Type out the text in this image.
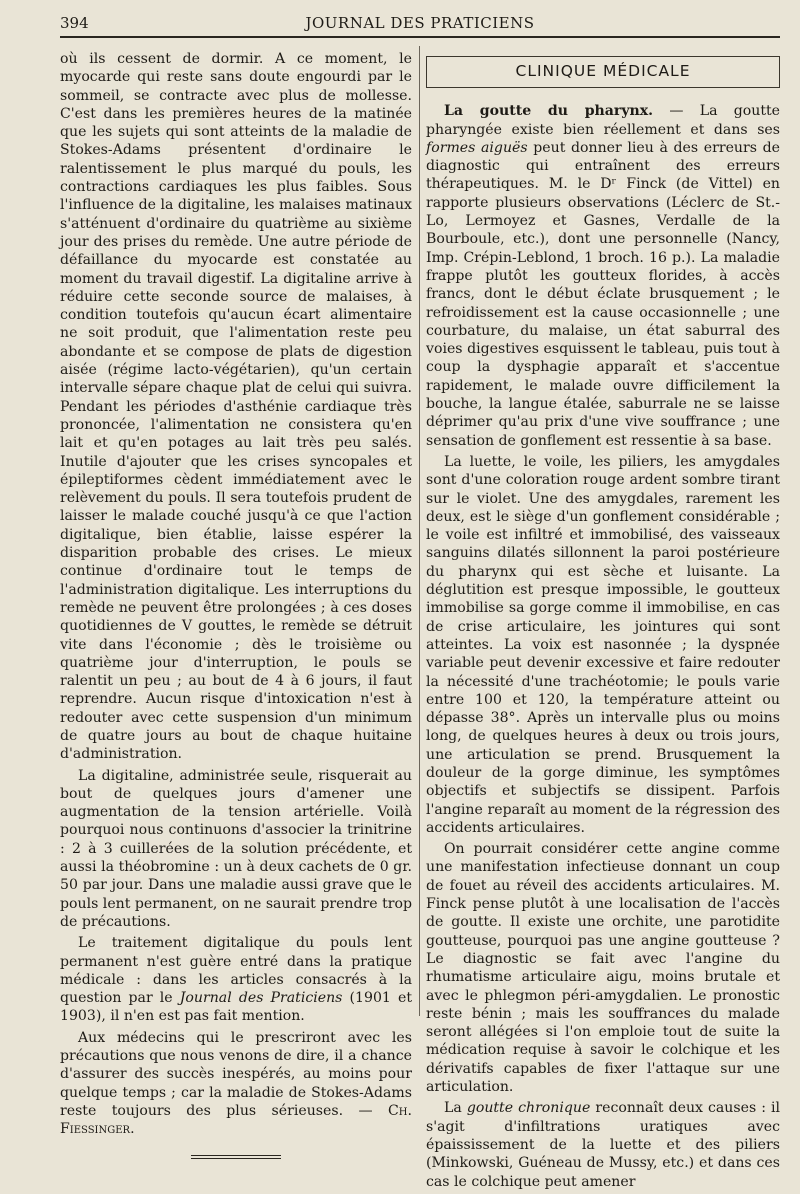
394	JOURNAL DES PRATICIENS

où ils cessent de dormir. A ce moment, le myocarde qui reste sans doute engourdi par le sommeil, se contracte avec plus de mollesse. C'est dans les premières heures de la matinée que les sujets qui sont atteints de la maladie de Stokes-Adams présentent d'ordinaire le ralentissement le plus marqué du pouls, les contractions cardiaques les plus faibles. Sous l'influence de la digitaline, les malaises matinaux s'atténuent d'ordinaire du quatrième au sixième jour des prises du remède. Une autre période de défaillance du myocarde est constatée au moment du travail digestif. La digitaline arrive à réduire cette seconde source de malaises, à condition toutefois qu'aucun écart alimentaire ne soit produit, que l'alimentation reste peu abondante et se compose de plats de digestion aisée (régime lacto-végétarien), qu'un certain intervalle sépare chaque plat de celui qui suivra. Pendant les périodes d'asthénie cardiaque très prononcée, l'alimentation ne consistera qu'en lait et qu'en potages au lait très peu salés. Inutile d'ajouter que les crises syncopales et épileptiformes cèdent immédiatement avec le relèvement du pouls. Il sera toutefois prudent de laisser le malade couché jusqu'à ce que l'action digitalique, bien établie, laisse espérer la disparition probable des crises. Le mieux continue d'ordinaire tout le temps de l'administration digitalique. Les interruptions du remède ne peuvent être prolongées ; à ces doses quotidiennes de V gouttes, le remède se détruit vite dans l'économie ; dès le troisième ou quatrième jour d'interruption, le pouls se ralentit un peu ; au bout de 4 à 6 jours, il faut reprendre. Aucun risque d'intoxication n'est à redouter avec cette suspension d'un minimum de quatre jours au bout de chaque huitaine d'administration.

La digitaline, administrée seule, risquerait au bout de quelques jours d'amener une augmentation de la tension artérielle. Voilà pourquoi nous continuons d'associer la trinitrine : 2 à 3 cuillerées de la solution précédente, et aussi la théobromine : un à deux cachets de 0 gr. 50 par jour. Dans une maladie aussi grave que le pouls lent permanent, on ne saurait prendre trop de précautions.

Le traitement digitalique du pouls lent permanent n'est guère entré dans la pratique médicale : dans les articles consacrés à la question par le Journal des Praticiens (1901 et 1903), il n'en est pas fait mention.

Aux médecins qui le prescriront avec les précautions que nous venons de dire, il a chance d'assurer des succès inespérés, au moins pour quelque temps ; car la maladie de Stokes-Adams reste toujours des plus sérieuses. — Ch. Fiessinger.

CLINIQUE MÉDICALE

La goutte du pharynx. — La goutte pharyngée existe bien réellement et dans ses formes aiguës peut donner lieu à des erreurs de diagnostic qui entraînent des erreurs thérapeutiques. M. le Dʳ Finck (de Vittel) en rapporte plusieurs observations (Léclerc de St.-Lo, Lermoyez et Gasnes, Verdalle de la Bourboule, etc.), dont une personnelle (Nancy, Imp. Crépin-Leblond, 1 broch. 16 p.). La maladie frappe plutôt les goutteux florides, à accès francs, dont le début éclate brusquement ; le refroidissement est la cause occasionnelle ; une courbature, du malaise, un état saburral des voies digestives esquissent le tableau, puis tout à coup la dysphagie apparaît et s'accentue rapidement, le malade ouvre difficilement la bouche, la langue étalée, saburrale ne se laisse déprimer qu'au prix d'une vive souffrance ; une sensation de gonflement est ressentie à sa base.

La luette, le voile, les piliers, les amygdales sont d'une coloration rouge ardent sombre tirant sur le violet. Une des amygdales, rarement les deux, est le siège d'un gonflement considérable ; le voile est infiltré et immobilisé, des vaisseaux sanguins dilatés sillonnent la paroi postérieure du pharynx qui est sèche et luisante. La déglutition est presque impossible, le goutteux immobilise sa gorge comme il immobilise, en cas de crise articulaire, les jointures qui sont atteintes. La voix est nasonnée ; la dyspnée variable peut devenir excessive et faire redouter la nécessité d'une trachéotomie; le pouls varie entre 100 et 120, la température atteint ou dépasse 38°. Après un intervalle plus ou moins long, de quelques heures à deux ou trois jours, une articulation se prend. Brusquement la douleur de la gorge diminue, les symptômes objectifs et subjectifs se dissipent. Parfois l'angine reparaît au moment de la régression des accidents articulaires.

On pourrait considérer cette angine comme une manifestation infectieuse donnant un coup de fouet au réveil des accidents articulaires. M. Finck pense plutôt à une localisation de l'accès de goutte. Il existe une orchite, une parotidite goutteuse, pourquoi pas une angine goutteuse ? Le diagnostic se fait avec l'angine du rhumatisme articulaire aigu, moins brutale et avec le phlegmon péri-amygdalien. Le pronostic reste bénin ; mais les souffrances du malade seront allégées si l'on emploie tout de suite la médication requise à savoir le colchique et les dérivatifs capables de fixer l'attaque sur une articulation.

La goutte chronique reconnaît deux causes : il s'agit d'infiltrations uratiques avec épaississement de la luette et des piliers (Minkowski, Guéneau de Mussy, etc.) et dans ces cas le colchique peut amener
